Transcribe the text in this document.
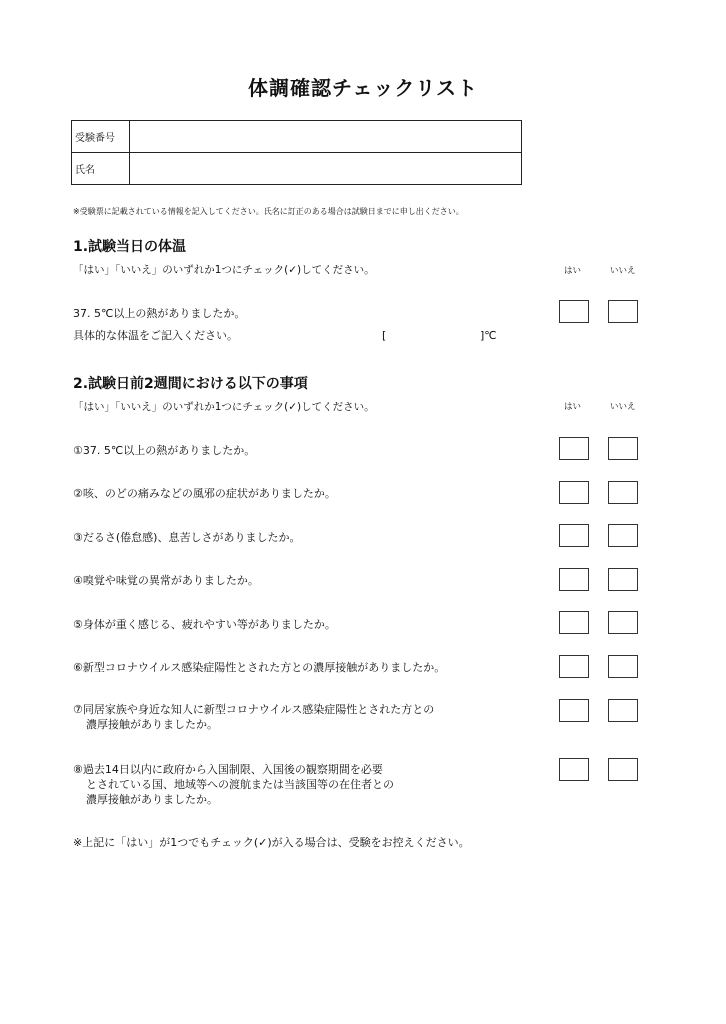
体調確認チェックリスト
受験番号
氏名
※受験票に記載されている情報を記入してください。氏名に訂正のある場合は試験日までに申し出ください。
1.試験当日の体温
「はい」「いいえ」のいずれか1つにチェック(✓)してください。	はい	いいえ
37. 5℃以上の熱がありましたか。
具体的な体温をご記入ください。	[	]℃
2.試験日前2週間における以下の事項
「はい」「いいえ」のいずれか1つにチェック(✓)してください。	はい	いいえ
①37. 5℃以上の熱がありましたか。
②咳、のどの痛みなどの風邪の症状がありましたか。
③だるさ(倦怠感)、息苦しさがありましたか。
④嗅覚や味覚の異常がありましたか。
⑤身体が重く感じる、疲れやすい等がありましたか。
⑥新型コロナウイルス感染症陽性とされた方との濃厚接触がありましたか。
⑦同居家族や身近な知人に新型コロナウイルス感染症陽性とされた方との
濃厚接触がありましたか。
⑧過去14日以内に政府から入国制限、入国後の観察期間を必要
とされている国、地域等への渡航または当該国等の在住者との
濃厚接触がありましたか。
※上記に「はい」が1つでもチェック(✓)が入る場合は、受験をお控えください。
